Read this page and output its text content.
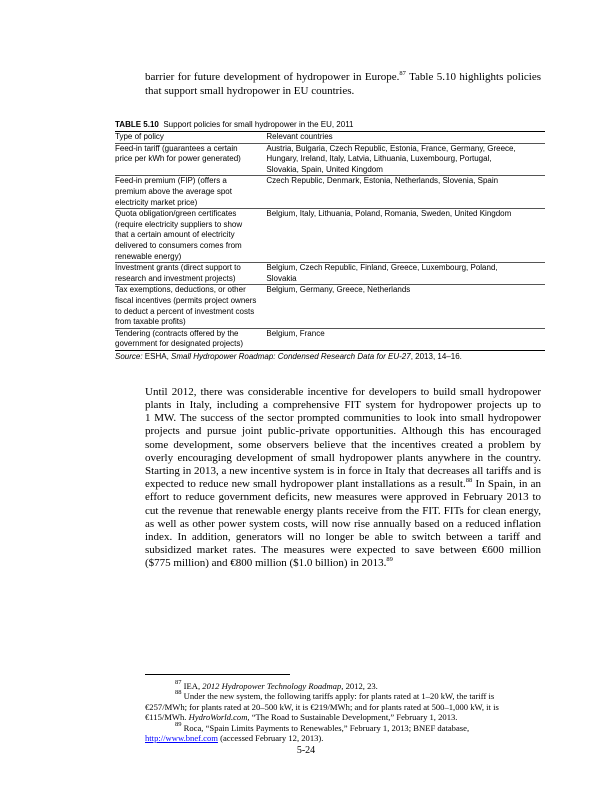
barrier for future development of hydropower in Europe.$^{87}$ Table 5.10 highlights policies
that support small hydropower in EU countries.
TABLE 5.10 Support policies for small hydropower in the EU, 2011
Type of policy	Relevant countries
Feed-in tariff (guarantees a certain
price per kWh for power generated)
Austria, Bulgaria, Czech Republic, Estonia, France, Germany, Greece,
Hungary, Ireland, Italy, Latvia, Lithuania, Luxembourg, Portugal,
Slovakia, Spain, United Kingdom
Feed-in premium (FIP) (offers a
premium above the average spot
electricity market price)
Czech Republic, Denmark, Estonia, Netherlands, Slovenia, Spain
Quota obligation/green certificates
(require electricity suppliers to show
that a certain amount of electricity
delivered to consumers comes from
renewable energy)
Belgium, Italy, Lithuania, Poland, Romania, Sweden, United Kingdom
Investment grants (direct support to
research and investment projects)
Belgium, Czech Republic, Finland, Greece, Luxembourg, Poland,
Slovakia
Tax exemptions, deductions, or other
fiscal incentives (permits project owners
to deduct a percent of investment costs
from taxable profits)
Belgium, Germany, Greece, Netherlands
Tendering (contracts offered by the
government for designated projects)
Belgium, France
Source: ESHA, Small Hydropower Roadmap: Condensed Research Data for EU-27, 2013, 14–16.
Until 2012, there was considerable incentive for developers to build small hydropower
plants in Italy, including a comprehensive FIT system for hydropower projects up to
1 MW. The success of the sector prompted communities to look into small hydropower
projects and pursue joint public-private opportunities. Although this has encouraged
some development, some observers believe that the incentives created a problem by
overly encouraging development of small hydropower plants anywhere in the country.
Starting in 2013, a new incentive system is in force in Italy that decreases all tariffs and is
expected to reduce new small hydropower plant installations as a result.$^{88}$ In Spain, in an
effort to reduce government deficits, new measures were approved in February 2013 to
cut the revenue that renewable energy plants receive from the FIT. FITs for clean energy,
as well as other power system costs, will now rise annually based on a reduced inflation
index. In addition, generators will no longer be able to switch between a tariff and
subsidized market rates. The measures were expected to save between €600 million
($775 million) and €800 million ($1.0 billion) in 2013.89
$^{87}$ IEA, 2012 Hydropower Technology Roadmap, 2012, 23.
$^{88}$ Under the new system, the following tariffs apply: for plants rated at 1–20 kW, the tariff is
€257/MWh; for plants rated at 20–500 kW, it is €219/MWh; and for plants rated at 500–1,000 kW, it is
€115/MWh. HydroWorld.com, “The Road to Sustainable Development,” February 1, 2013.
$^{89}$ Roca, “Spain Limits Payments to Renewables,” February 1, 2013; BNEF database,
http://www.bnef.com (accessed February 12, 2013).
5-24
